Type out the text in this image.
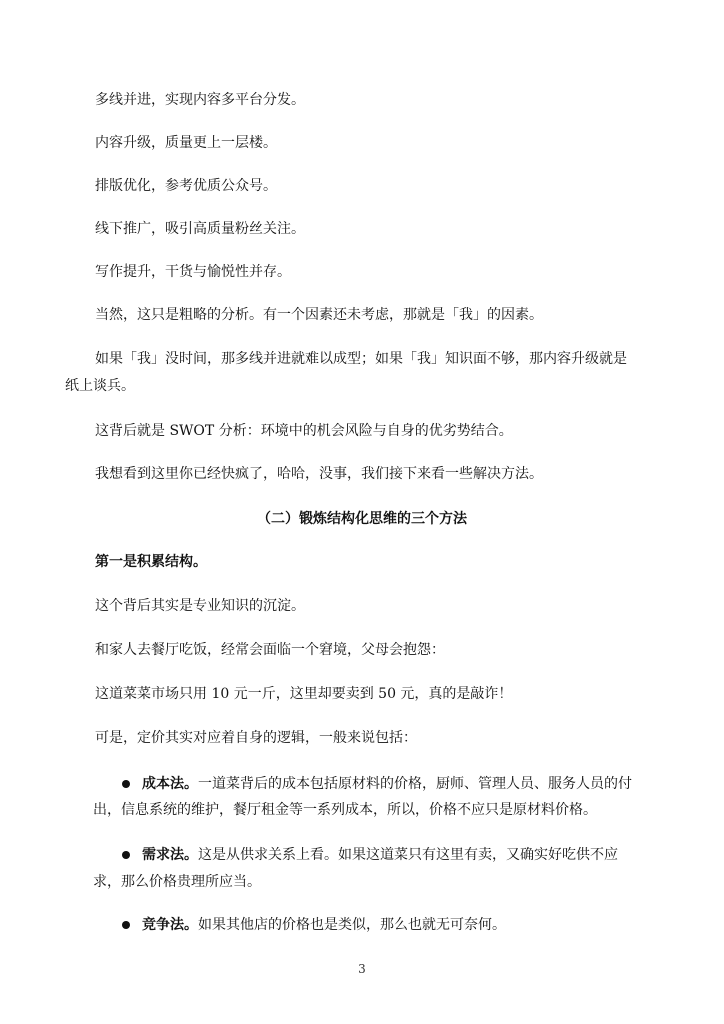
多线并进，实现内容多平台分发。
内容升级，质量更上一层楼。
排版优化，参考优质公众号。
线下推广，吸引高质量粉丝关注。
写作提升，干货与愉悦性并存。
当然，这只是粗略的分析。有一个因素还未考虑，那就是「我」的因素。
如果「我」没时间，那多线并进就难以成型；如果「我」知识面不够，那内容升级就是
纸上谈兵。
这背后就是 SWOT 分析：环境中的机会风险与自身的优劣势结合。
我想看到这里你已经快疯了，哈哈，没事，我们接下来看一些解决方法。
（二）锻炼结构化思维的三个方法
第一是积累结构。
这个背后其实是专业知识的沉淀。
和家人去餐厅吃饭，经常会面临一个窘境，父母会抱怨：
这道菜菜市场只用 10 元一斤，这里却要卖到 50 元，真的是敲诈！
可是，定价其实对应着自身的逻辑，一般来说包括：
成本法。一道菜背后的成本包括原材料的价格，厨师、管理人员、服务人员的付
出，信息系统的维护，餐厅租金等一系列成本，所以，价格不应只是原材料价格。
需求法。这是从供求关系上看。如果这道菜只有这里有卖，又确实好吃供不应
求，那么价格贵理所应当。
竞争法。如果其他店的价格也是类似，那么也就无可奈何。
3
